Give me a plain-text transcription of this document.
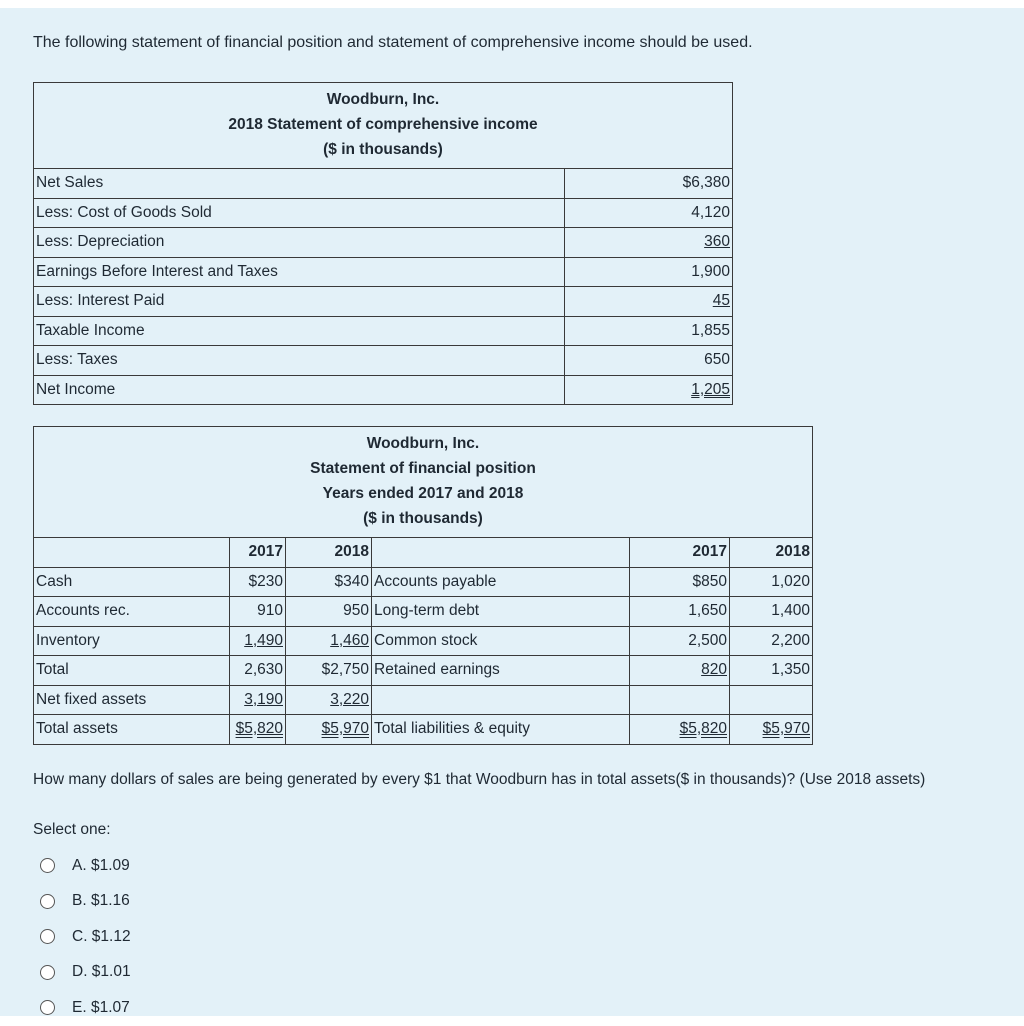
The following statement of financial position and statement of comprehensive income should be used.

Woodburn, Inc.
2018 Statement of comprehensive income
($ in thousands)	

Net Sales	$6,380
Less: Cost of Goods Sold	4,120
Less: Depreciation	360
Earnings Before Interest and Taxes	1,900
Less: Interest Paid	45
Taxable Income	1,855
Less: Taxes	650
Net Income	1,205
Woodburn, Inc.
Statement of financial position
Years ended 2017 and 2018
($ in thousands)					

	2017	2018		2017	2018
Cash	$230	$340	Accounts payable	$850	1,020
Accounts rec.	910	950	Long-term debt	1,650	1,400
Inventory	1,490	1,460	Common stock	2,500	2,200
Total	2,630	$2,750	Retained earnings	820	1,350
Net fixed assets	3,190	3,220			
Total assets	$5,820	$5,970	Total liabilities & equity	$5,820	$5,970

How many dollars of sales are being generated by every $1 that Woodburn has in total assets($ in thousands)? (Use 2018 assets)

Select one:

A. $1.09
B. $1.16
C. $1.12
D. $1.01
E. $1.07
